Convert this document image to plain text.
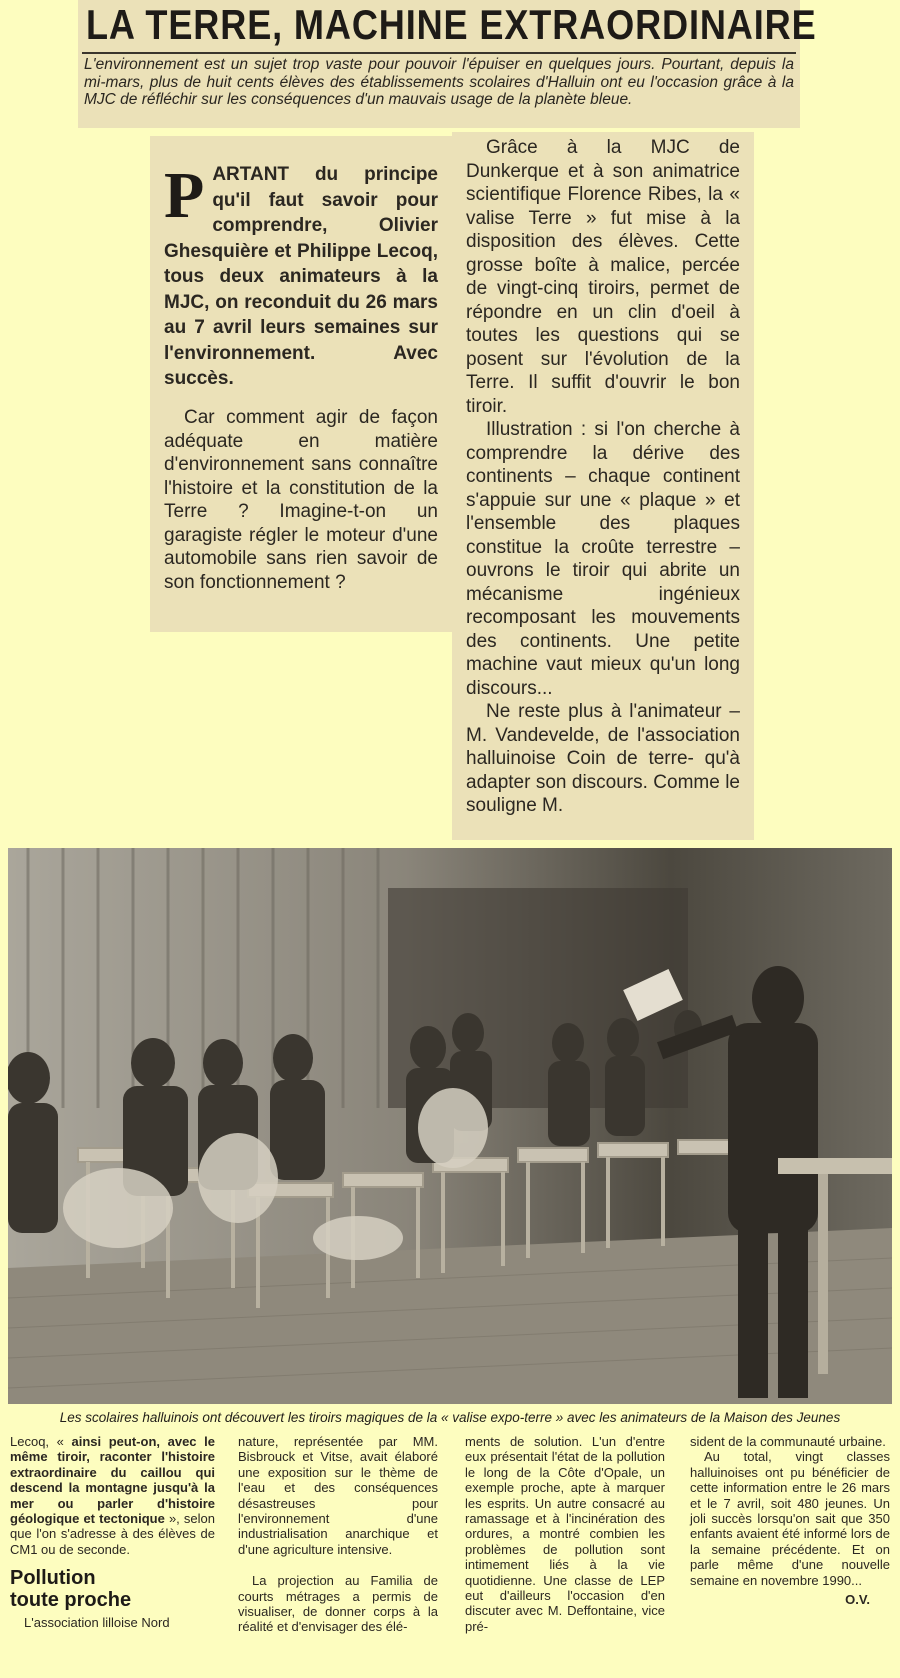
LA TERRE, MACHINE EXTRAORDINAIRE
L'environnement est un sujet trop vaste pour pouvoir l'épuiser en quelques jours. Pourtant, depuis la mi-mars, plus de huit cents élèves des établissements scolaires d'Halluin ont eu l'occasion grâce à la MJC de réfléchir sur les conséquences d'un mauvais usage de la planète bleue.
PARTANT du principe qu'il faut savoir pour comprendre, Olivier Ghesquière et Philippe Lecoq, tous deux animateurs à la MJC, on reconduit du 26 mars au 7 avril leurs semaines sur l'environnement. Avec succès.
Car comment agir de façon adéquate en matière d'environnement sans connaître l'histoire et la constitution de la Terre ? Imagine-t-on un garagiste régler le moteur d'une automobile sans rien savoir de son fonctionnement ?

Grâce à la MJC de Dunkerque et à son animatrice scientifique Florence Ribes, la « valise Terre » fut mise à la disposition des élèves. Cette grosse boîte à malice, percée de vingt-cinq tiroirs, permet de répondre en un clin d'oeil à toutes les questions qui se posent sur l'évolution de la Terre. Il suffit d'ouvrir le bon tiroir.

Illustration : si l'on cherche à comprendre la dérive des continents – chaque continent s'appuie sur une « plaque » et l'ensemble des plaques constitue la croûte terrestre – ouvrons le tiroir qui abrite un mécanisme ingénieux recomposant les mouvements des continents. Une petite machine vaut mieux qu'un long discours...

Ne reste plus à l'animateur – M. Vandevelde, de l'association halluinoise Coin de terre- qu'à adapter son discours. Comme le souligne M.

Les scolaires halluinois ont découvert les tiroirs magiques de la « valise expo-terre » avec les animateurs de la Maison des Jeunes

Lecoq, « ainsi peut-on, avec le même tiroir, raconter l'histoire extraordinaire du caillou qui descend la montagne jusqu'à la mer ou parler d'histoire géologique et tectonique », selon que l'on s'adresse à des élèves de CM1 ou de seconde.

Pollution
toute proche

L'association lilloise Nord

nature, représentée par MM. Bisbrouck et Vitse, avait élaboré une exposition sur le thème de l'eau et des conséquences désastreuses pour l'environnement d'une industrialisation anarchique et d'une agriculture intensive.

La projection au Familia de courts métrages a permis de visualiser, de donner corps à la réalité et d'envisager des élé-

ments de solution. L'un d'entre eux présentait l'état de la pollution le long de la Côte d'Opale, un exemple proche, apte à marquer les esprits. Un autre consacré au ramassage et à l'incinération des ordures, a montré combien les problèmes de pollution sont intimement liés à la vie quotidienne. Une classe de LEP eut d'ailleurs l'occasion d'en discuter avec M. Deffontaine, vice pré-

sident de la communauté urbaine.

Au total, vingt classes halluinoises ont pu bénéficier de cette information entre le 26 mars et le 7 avril, soit 480 jeunes. Un joli succès lorsqu'on sait que 350 enfants avaient été informé lors de la semaine précédente. Et on parle même d'une nouvelle semaine en novembre 1990...

O.V.
